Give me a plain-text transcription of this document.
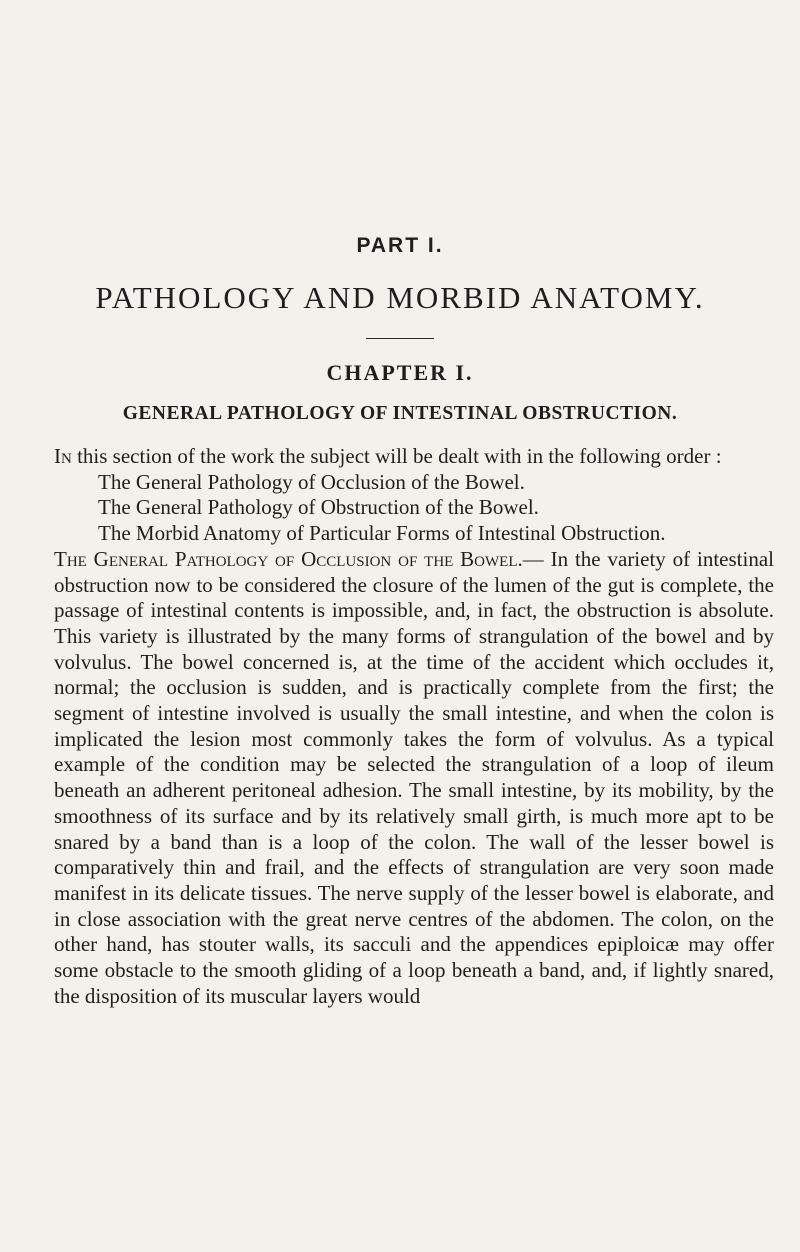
PART I.
PATHOLOGY AND MORBID ANATOMY.
CHAPTER I.
GENERAL PATHOLOGY OF INTESTINAL OBSTRUCTION.

In this section of the work the subject will be dealt with in the following order :

The General Pathology of Occlusion of the Bowel.
The General Pathology of Obstruction of the Bowel.
The Morbid Anatomy of Particular Forms of Intestinal Obstruction.

The General Pathology of Occlusion of the Bowel.— In the variety of intestinal obstruction now to be considered the closure of the lumen of the gut is complete, the passage of intestinal contents is impossible, and, in fact, the obstruction is absolute. This variety is illustrated by the many forms of strangulation of the bowel and by volvulus. The bowel concerned is, at the time of the accident which occludes it, normal; the occlusion is sudden, and is practically complete from the first; the segment of intestine involved is usually the small intestine, and when the colon is implicated the lesion most commonly takes the form of volvulus. As a typical example of the condition may be selected the strangulation of a loop of ileum beneath an adherent peritoneal adhesion. The small intestine, by its mobility, by the smoothness of its surface and by its relatively small girth, is much more apt to be snared by a band than is a loop of the colon. The wall of the lesser bowel is comparatively thin and frail, and the effects of strangulation are very soon made manifest in its delicate tissues. The nerve supply of the lesser bowel is elaborate, and in close association with the great nerve centres of the abdomen. The colon, on the other hand, has stouter walls, its sacculi and the appendices epiploicæ may offer some obstacle to the smooth gliding of a loop beneath a band, and, if lightly snared, the disposition of its muscular layers would
